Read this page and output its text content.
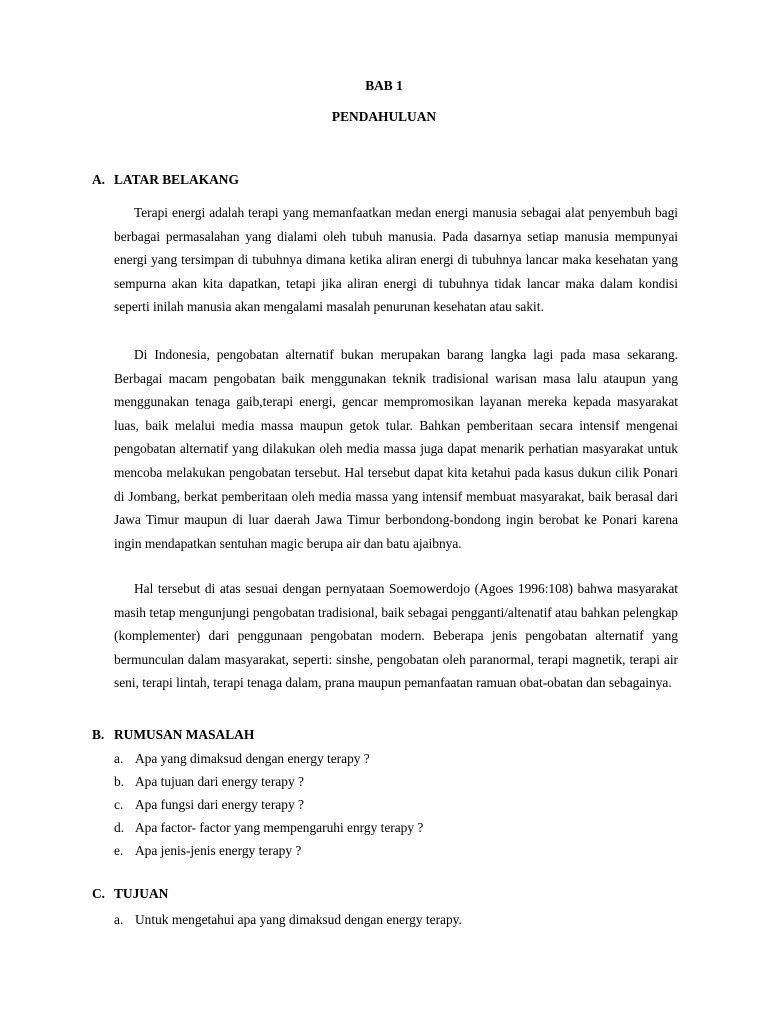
BAB 1
PENDAHULUAN
A. LATAR BELAKANG

Terapi energi adalah terapi yang memanfaatkan medan energi manusia sebagai alat penyembuh bagi berbagai permasalahan yang dialami oleh tubuh manusia. Pada dasarnya setiap manusia mempunyai energi yang tersimpan di tubuhnya dimana ketika aliran energi di tubuhnya lancar maka kesehatan yang sempurna akan kita dapatkan, tetapi jika aliran energi di tubuhnya tidak lancar maka dalam kondisi seperti inilah manusia akan mengalami masalah penurunan kesehatan atau sakit.

Di Indonesia, pengobatan alternatif bukan merupakan barang langka lagi pada masa sekarang. Berbagai macam pengobatan baik menggunakan teknik tradisional warisan masa lalu ataupun yang menggunakan tenaga gaib,terapi energi, gencar mempromosikan layanan mereka kepada masyarakat luas, baik melalui media massa maupun getok tular. Bahkan pemberitaan secara intensif mengenai pengobatan alternatif yang dilakukan oleh media massa juga dapat menarik perhatian masyarakat untuk mencoba melakukan pengobatan tersebut. Hal tersebut dapat kita ketahui pada kasus dukun cilik Ponari di Jombang, berkat pemberitaan oleh media massa yang intensif membuat masyarakat, baik berasal dari Jawa Timur maupun di luar daerah Jawa Timur berbondong-bondong ingin berobat ke Ponari karena ingin mendapatkan sentuhan magic berupa air dan batu ajaibnya.

Hal tersebut di atas sesuai dengan pernyataan Soemowerdojo (Agoes 1996:108) bahwa masyarakat masih tetap mengunjungi pengobatan tradisional, baik sebagai pengganti/altenatif atau bahkan pelengkap (komplementer) dari penggunaan pengobatan modern. Beberapa jenis pengobatan alternatif yang bermunculan dalam masyarakat, seperti: sinshe, pengobatan oleh paranormal, terapi magnetik, terapi air seni, terapi lintah, terapi tenaga dalam, prana maupun pemanfaatan ramuan obat-obatan dan sebagainya.

B. RUMUSAN MASALAH
a. Apa yang dimaksud dengan energy terapy ?
b. Apa tujuan dari energy terapy ?
c. Apa fungsi dari energy terapy ?
d. Apa factor- factor yang mempengaruhi enrgy terapy ?
e. Apa jenis-jenis energy terapy ?
C. TUJUAN
a. Untuk mengetahui apa yang dimaksud dengan energy terapy.
